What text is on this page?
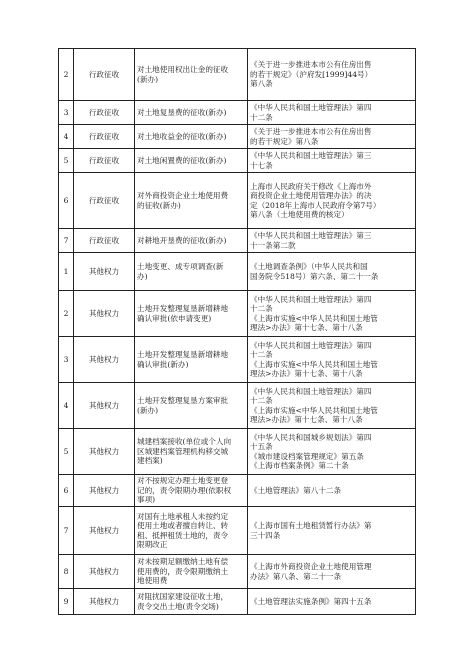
2	行政征收	对土地使用权出让金的征收
(新办)	《关于进一步推进本市公有住房出售
的若干规定》（沪府发[1999]44号）
第八条

3	行政征收	对土地复垦费的征收(新办)	《中华人民共和国土地管理法》第四
十二条

4	行政征收	对土地收益金的征收(新办)	《关于进一步推进本市公有住房出售
的若干规定》第八条

5	行政征收	对土地闲置费的征收(新办)	《中华人民共和国土地管理法》第三
十七条

6	行政征收	对外商投资企业土地使用费
的征收(新办)	上海市人民政府关于修改《上海市外
商投资企业土地使用管理办法》的决
定（2018年上海市人民政府令第7号）
第八条（土地使用费的核定）

7	行政征收	对耕地开垦费的征收(新办)	《中华人民共和国土地管理法》第三
十一条第二款

1	其他权力	土地变更、成专项调查(新
办)	《土地调查条例》（中华人民共和国
国务院令518号）第六条、第二十一条

2	其他权力	土地开发整理复垦新增耕地
确认审批(依申请变更)	《中华人民共和国土地管理法》第四
十二条
《上海市实施<中华人民共和国土地管
理法>办法》第十七条、第十八条

3	其他权力	土地开发整理复垦新增耕地
确认审批(新办)	《中华人民共和国土地管理法》第四
十二条
《上海市实施<中华人民共和国土地管
理法>办法》第十七条、第十八条

4	其他权力	土地开发整理复垦方案审批
(新办)	《中华人民共和国土地管理法》第四
十二条
《上海市实施<中华人民共和国土地管
理法>办法》第十七条、第十八条

5	其他权力	城建档案接收(单位或个人向
区城建档案管理机构移交城
建档案)	《中华人民共和国城乡规划法》第四
十五条
《城市建设档案管理规定》第五条
《上海市档案条例》第二十条

6	其他权力	对不按规定办理土地变更登
记的，责令限期办理(依职权
事项)	《土地管理法》第八十二条

7	其他权力	对国有土地承租人未按约定
使用土地或者擅自转让、转
租、抵押租赁土地的，责令
限期改正	《上海市国有土地租赁暂行办法》第
三十四条

8	其他权力	对未按期足额缴纳土地有偿
使用费的，责令限期缴纳土
地使用费	《上海市外商投资企业土地使用管理
办法》第八条、第二十一条

9	其他权力	对阻扰国家建设征收土地，
责令交出土地(责令交场)	《土地管理法实施条例》第四十五条
